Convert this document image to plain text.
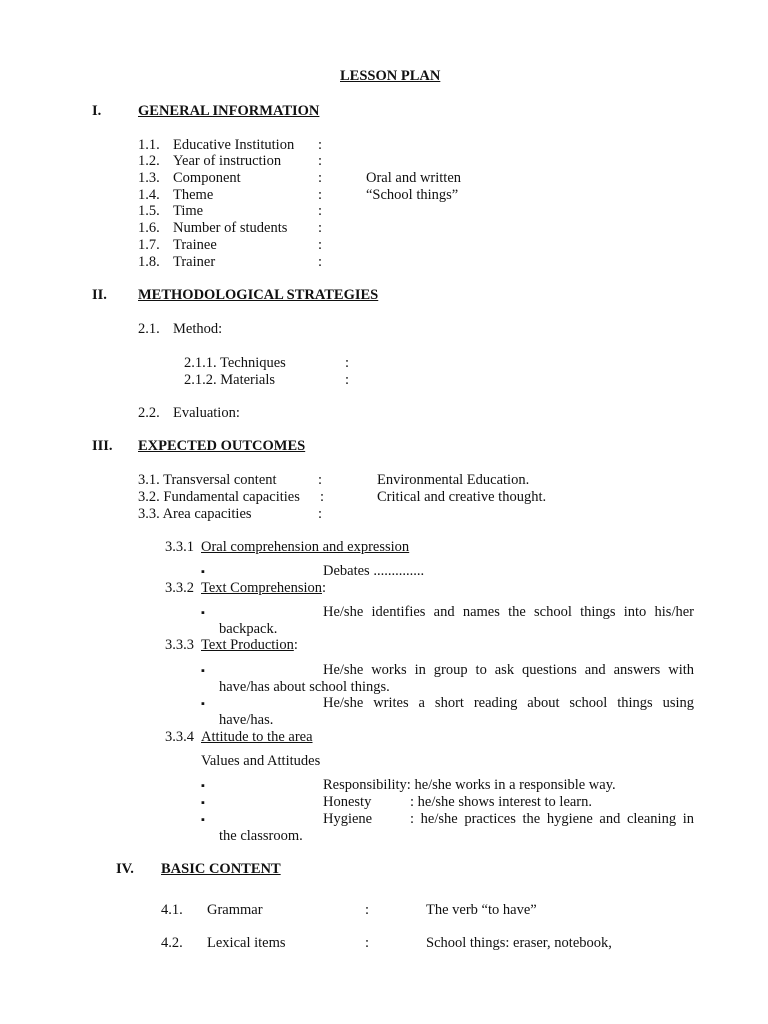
LESSON PLAN
I.	GENERAL INFORMATION
1.1. Educative Institution :
1.2. Year of instruction	:
1.3. Component	:	Oral and written
1.4. Theme	:	“School things”
1.5. Time	:
1.6. Number of students :
1.7. Trainee	:
1.8. Trainer	:
II. METHODOLOGICAL STRATEGIES
2.1. Method:
2.1.1. Techniques	:
2.1.2. Materials	:
2.2. Evaluation:
III. EXPECTED OUTCOMES
3.1. Transversal content	:	Environmental Education.
3.2. Fundamental capacities :	Critical and creative thought.
3.3. Area capacities	:
3.3.1 Oral comprehension and expression
▪	Debates ..............
3.3.2 Text Comprehension:
▪	He/she identifies and names the school things into his/her backpack.
3.3.3 Text Production:
▪	He/she works in group to ask questions and answers with have/has about school things.
▪	He/she writes a short reading about school things using have/has.
3.3.4 Attitude to the area
Values and Attitudes
▪	Responsibility: he/she works in a responsible way.
▪	Honesty	: he/she shows interest to learn.
▪	Hygiene	: he/she practices the hygiene and cleaning in the classroom.
IV. BASIC CONTENT
4.1. Grammar	:	The verb “to have”
4.2. Lexical items	:	School things: eraser, notebook,
